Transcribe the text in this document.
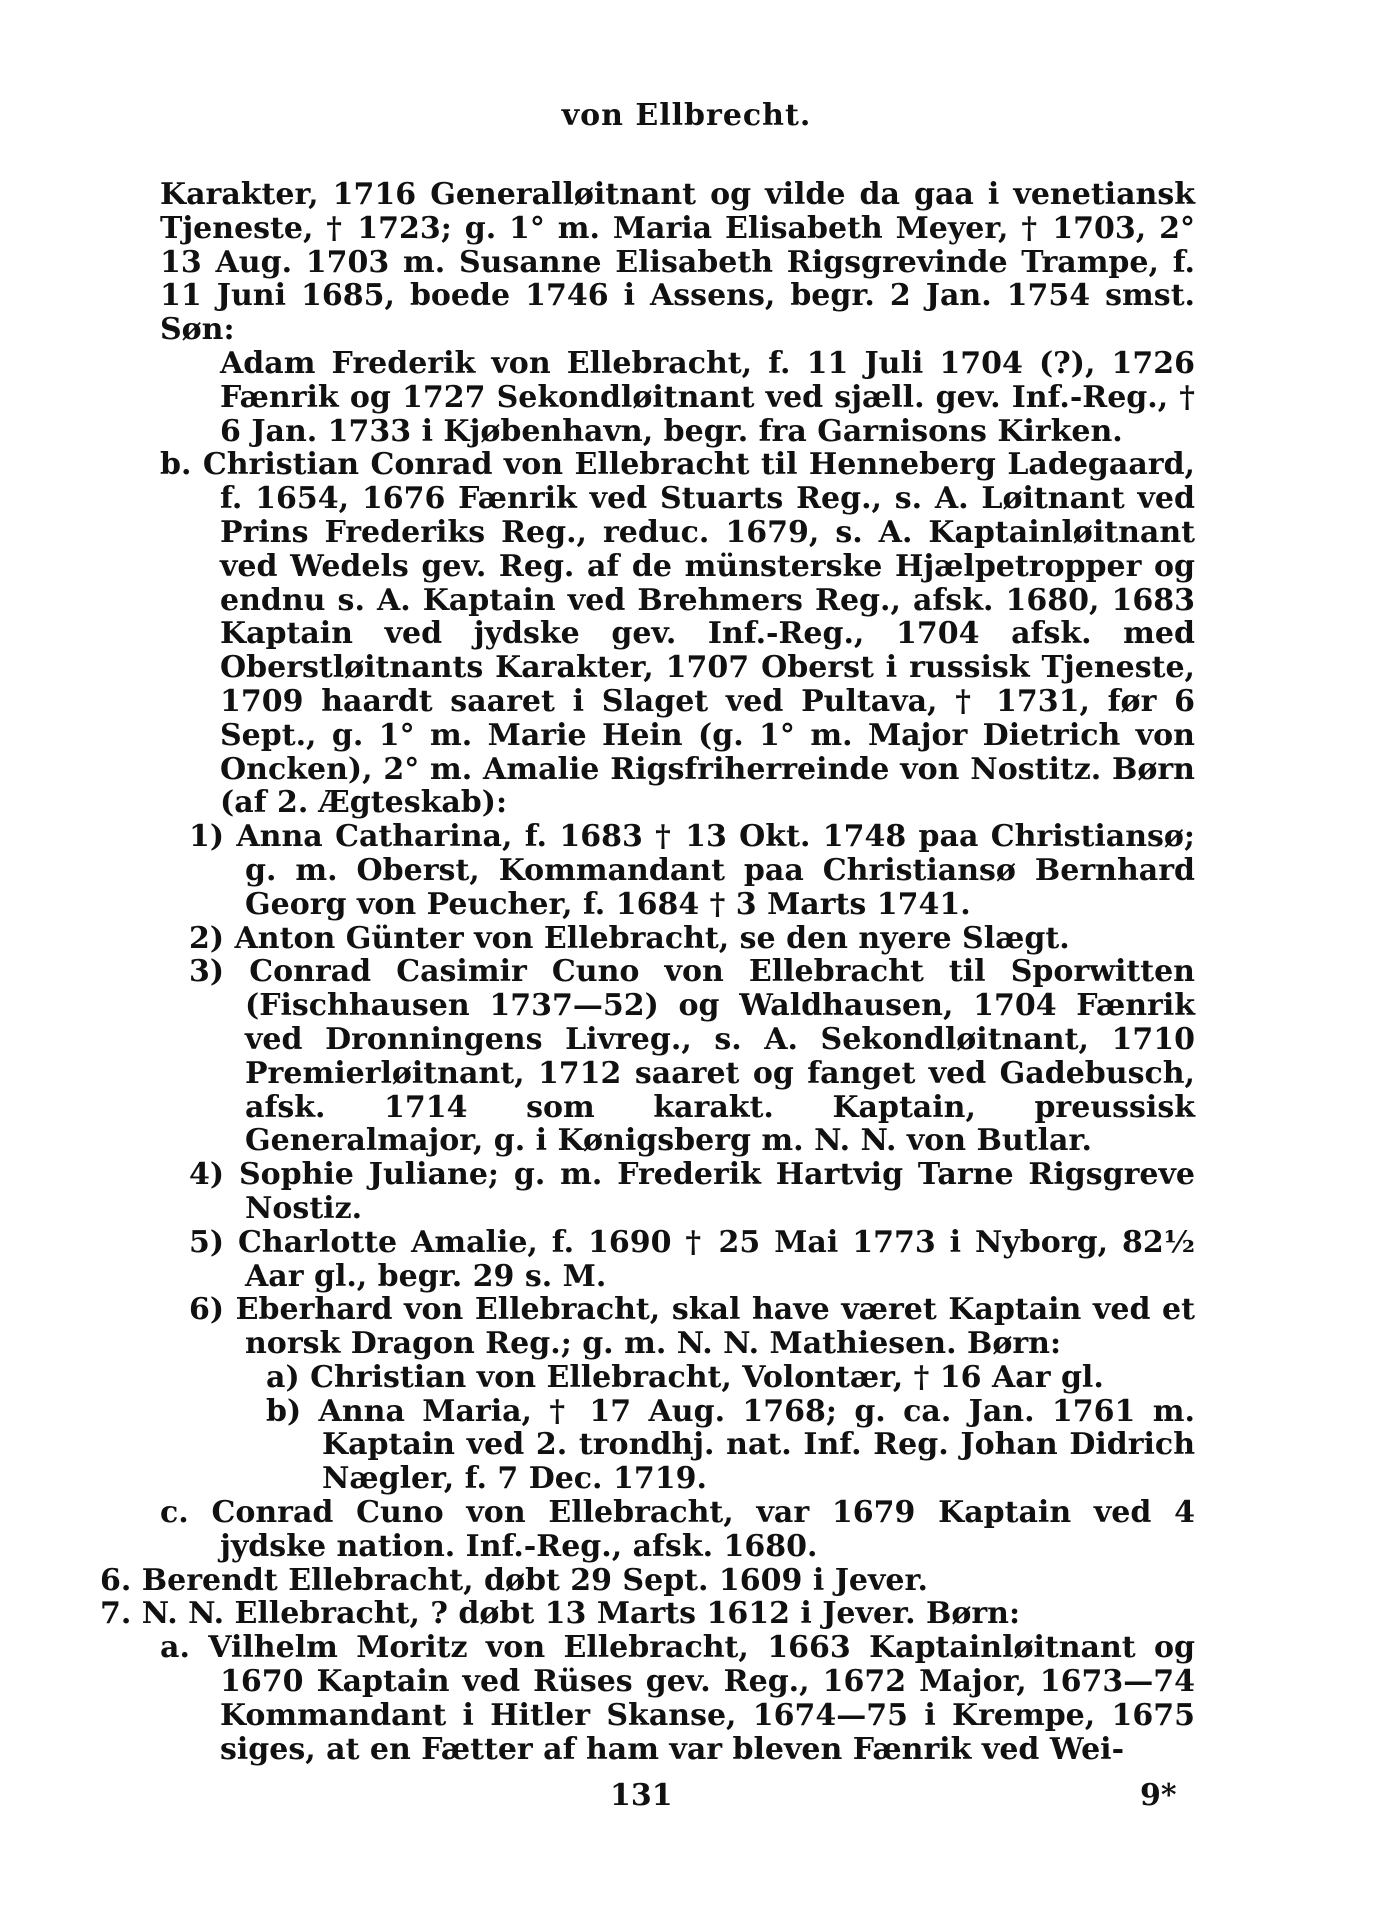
von Ellbrecht.

Karakter, 1716 Generalløitnant og vilde da gaa i venetiansk Tjeneste, † 1723; g. 1° m. Maria Elisabeth Meyer, † 1703, 2° 13 Aug. 1703 m. Susanne Elisabeth Rigsgrevinde Trampe, f. 11 Juni 1685, boede 1746 i Assens, begr. 2 Jan. 1754 smst. Søn:

Adam Frederik von Ellebracht, f. 11 Juli 1704 (?), 1726 Fænrik og 1727 Sekondløitnant ved sjæll. gev. Inf.-Reg., † 6 Jan. 1733 i Kjøbenhavn, begr. fra Garnisons Kirken.

b. Christian Conrad von Ellebracht til Henneberg Ladegaard, f. 1654, 1676 Fænrik ved Stuarts Reg., s. A. Løitnant ved Prins Frederiks Reg., reduc. 1679, s. A. Kaptainløitnant ved Wedels gev. Reg. af de münsterske Hjælpetropper og endnu s. A. Kaptain ved Brehmers Reg., afsk. 1680, 1683 Kaptain ved jydske gev. Inf.-Reg., 1704 afsk. med Oberstløitnants Karakter, 1707 Oberst i russisk Tjeneste, 1709 haardt saaret i Slaget ved Pultava, † 1731, før 6 Sept., g. 1° m. Marie Hein (g. 1° m. Major Dietrich von Oncken), 2° m. Amalie Rigsfriherreinde von Nostitz. Børn (af 2. Ægteskab):

1) Anna Catharina, f. 1683 † 13 Okt. 1748 paa Christiansø; g. m. Oberst, Kommandant paa Christiansø Bernhard Georg von Peucher, f. 1684 † 3 Marts 1741.

2) Anton Günter von Ellebracht, se den nyere Slægt.

3) Conrad Casimir Cuno von Ellebracht til Sporwitten (Fischhausen 1737—52) og Waldhausen, 1704 Fænrik ved Dronningens Livreg., s. A. Sekondløitnant, 1710 Premierløitnant, 1712 saaret og fanget ved Gadebusch, afsk. 1714 som karakt. Kaptain, preussisk Generalmajor, g. i Kønigsberg m. N. N. von Butlar.

4) Sophie Juliane; g. m. Frederik Hartvig Tarne Rigsgreve Nostiz.

5) Charlotte Amalie, f. 1690 † 25 Mai 1773 i Nyborg, 82½ Aar gl., begr. 29 s. M.

6) Eberhard von Ellebracht, skal have været Kaptain ved et norsk Dragon Reg.; g. m. N. N. Mathiesen. Børn:

a) Christian von Ellebracht, Volontær, † 16 Aar gl.

b) Anna Maria, † 17 Aug. 1768; g. ca. Jan. 1761 m. Kaptain ved 2. trondhj. nat. Inf. Reg. Johan Didrich Nægler, f. 7 Dec. 1719.

c. Conrad Cuno von Ellebracht, var 1679 Kaptain ved 4 jydske nation. Inf.-Reg., afsk. 1680.

6. Berendt Ellebracht, døbt 29 Sept. 1609 i Jever.

7. N. N. Ellebracht, ? døbt 13 Marts 1612 i Jever. Børn:

a. Vilhelm Moritz von Ellebracht, 1663 Kaptainløitnant og 1670 Kaptain ved Rüses gev. Reg., 1672 Major, 1673—74 Kommandant i Hitler Skanse, 1674—75 i Krempe, 1675 siges, at en Fætter af ham var bleven Fænrik ved Wei-

131	9*
